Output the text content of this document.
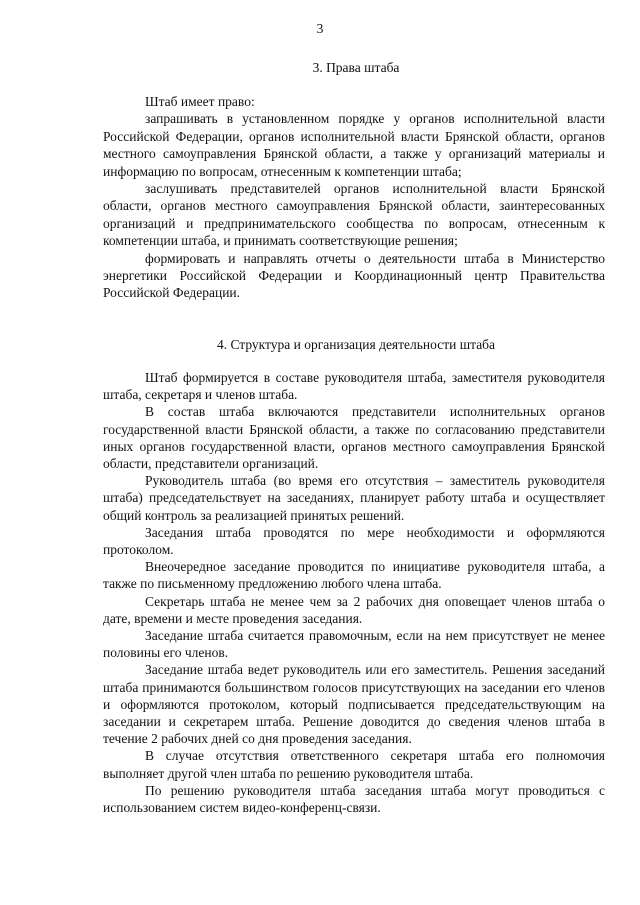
3
3. Права штаба

Штаб имеет право:

запрашивать в установленном порядке у органов исполнительной власти Российской Федерации, органов исполнительной власти Брянской области, органов местного самоуправления Брянской области, а также у организаций материалы и информацию по вопросам, отнесенным к компетенции штаба;

заслушивать представителей органов исполнительной власти Брянской области, органов местного самоуправления Брянской области, заинтересованных организаций и предпринимательского сообщества по вопросам, отнесенным к компетенции штаба, и принимать соответствующие решения;

формировать и направлять отчеты о деятельности штаба в Министерство энергетики Российской Федерации и Координационный центр Правительства Российской Федерации.

4. Структура и организация деятельности штаба

Штаб формируется в составе руководителя штаба, заместителя руководителя штаба, секретаря и членов штаба.

В состав штаба включаются представители исполнительных органов государственной власти Брянской области, а также по согласованию представители иных органов государственной власти, органов местного самоуправления Брянской области, представители организаций.

Руководитель штаба (во время его отсутствия – заместитель руководителя штаба) председательствует на заседаниях, планирует работу штаба и осуществляет общий контроль за реализацией принятых решений.

Заседания штаба проводятся по мере необходимости и оформляются протоколом.

Внеочередное заседание проводится по инициативе руководителя штаба, а также по письменному предложению любого члена штаба.

Секретарь штаба не менее чем за 2 рабочих дня оповещает членов штаба о дате, времени и месте проведения заседания.

Заседание штаба считается правомочным, если на нем присутствует не менее половины его членов.

Заседание штаба ведет руководитель или его заместитель. Решения заседаний штаба принимаются большинством голосов присутствующих на заседании его членов и оформляются протоколом, который подписывается председательствующим на заседании и секретарем штаба. Решение доводится до сведения членов штаба в течение 2 рабочих дней со дня проведения заседания.

В случае отсутствия ответственного секретаря штаба его полномочия выполняет другой член штаба по решению руководителя штаба.

По решению руководителя штаба заседания штаба могут проводиться с использованием систем видео-конференц-связи.
